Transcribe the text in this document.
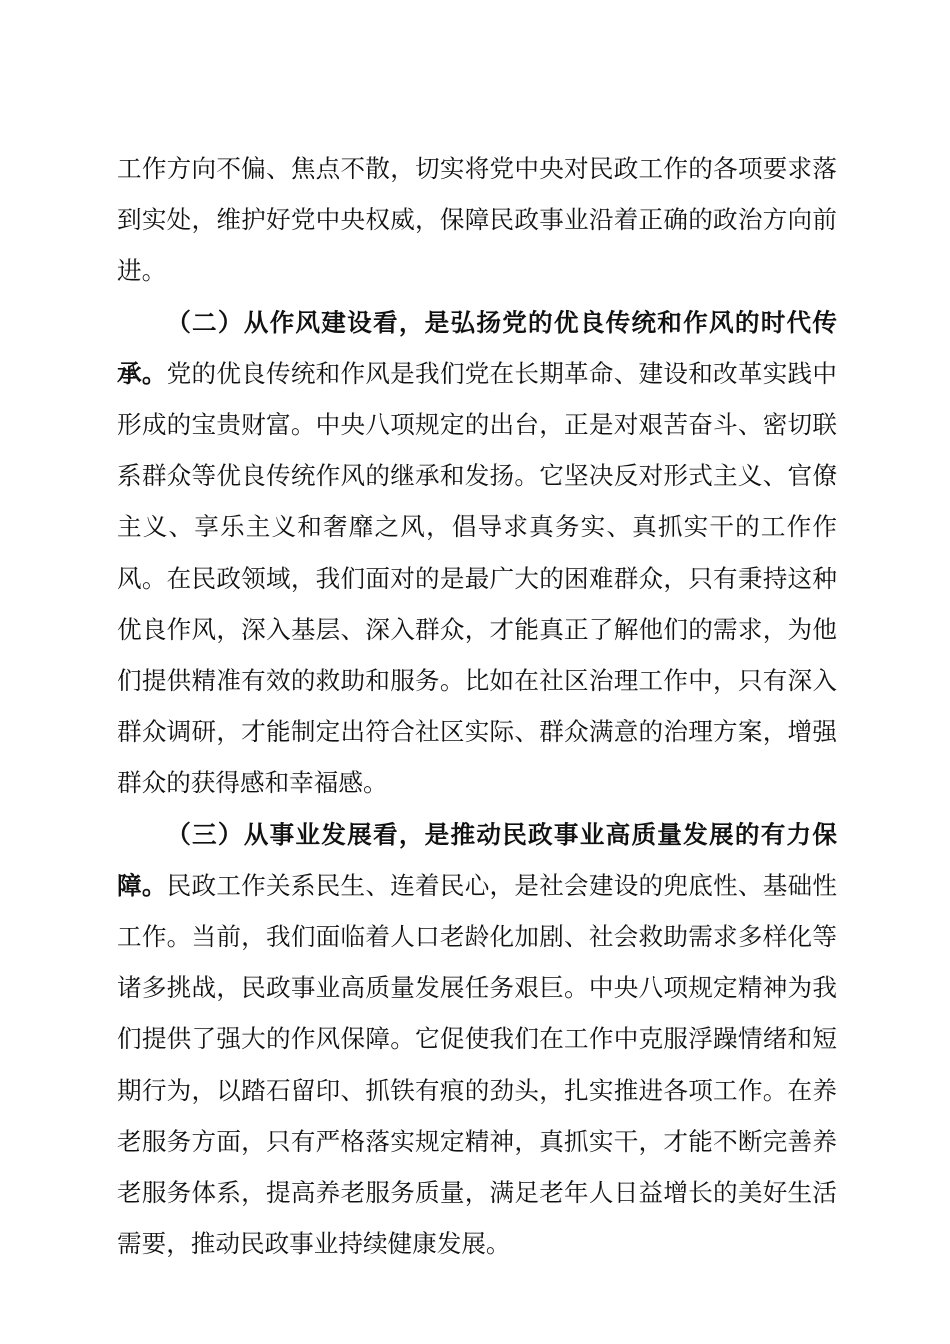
工作方向不偏、焦点不散，切实将党中央对民政工作的各项要求落到实处，维护好党中央权威，保障民政事业沿着正确的政治方向前进。

（二）从作风建设看，是弘扬党的优良传统和作风的时代传承。党的优良传统和作风是我们党在长期革命、建设和改革实践中形成的宝贵财富。中央八项规定的出台，正是对艰苦奋斗、密切联系群众等优良传统作风的继承和发扬。它坚决反对形式主义、官僚主义、享乐主义和奢靡之风，倡导求真务实、真抓实干的工作作风。在民政领域，我们面对的是最广大的困难群众，只有秉持这种优良作风，深入基层、深入群众，才能真正了解他们的需求，为他们提供精准有效的救助和服务。比如在社区治理工作中，只有深入群众调研，才能制定出符合社区实际、群众满意的治理方案，增强群众的获得感和幸福感。

（三）从事业发展看，是推动民政事业高质量发展的有力保障。民政工作关系民生、连着民心，是社会建设的兜底性、基础性工作。当前，我们面临着人口老龄化加剧、社会救助需求多样化等诸多挑战，民政事业高质量发展任务艰巨。中央八项规定精神为我们提供了强大的作风保障。它促使我们在工作中克服浮躁情绪和短期行为，以踏石留印、抓铁有痕的劲头，扎实推进各项工作。在养老服务方面，只有严格落实规定精神，真抓实干，才能不断完善养老服务体系，提高养老服务质量，满足老年人日益增长的美好生活需要，推动民政事业持续健康发展。
